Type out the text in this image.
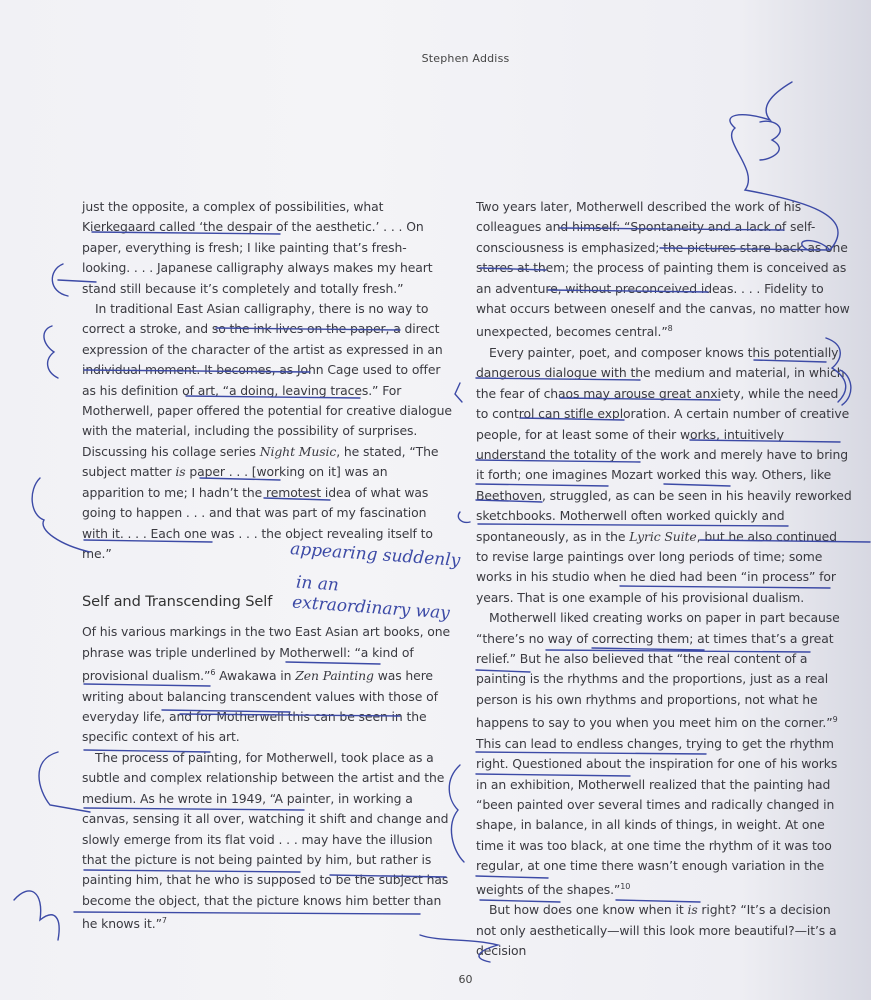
Stephen Addiss

just the opposite, a complex of possibilities, what Kierkegaard called ‘the despair of the aesthetic.’ . . . On paper, everything is fresh; I like painting that’s fresh-looking. . . . Japanese calligraphy always makes my heart stand still because it’s completely and totally fresh.”

In traditional East Asian calligraphy, there is no way to correct a stroke, and so the ink lives on the paper, a direct expression of the character of the artist as expressed in an individual moment. It becomes, as John Cage used to offer as his definition of art, “a doing, leaving traces.” For Motherwell, paper offered the potential for creative dialogue with the material, including the possibility of surprises. Discussing his collage series Night Music, he stated, “The subject matter is paper . . . [working on it] was an apparition to me; I hadn’t the remotest idea of what was going to happen . . . and that was part of my fascination with it. . . . Each one was . . . the object revealing itself to me.”

Self and Transcending Self

Of his various markings in the two East Asian art books, one phrase was triple underlined by Motherwell: “a kind of provisional dualism.”$^6$ Awakawa in Zen Painting was here writing about balancing transcendent values with those of everyday life, and for Motherwell this can be seen in the specific context of his art.

The process of painting, for Motherwell, took place as a subtle and complex relationship between the artist and the medium. As he wrote in 1949, “A painter, in working a canvas, sensing it all over, watching it shift and change and slowly emerge from its flat void . . . may have the illusion that the picture is not being painted by him, but rather is painting him, that he who is supposed to be the subject has become the object, that the picture knows him better than he knows it.”$^7$

Two years later, Motherwell described the work of his colleagues and himself: “Spontaneity and a lack of self-consciousness is emphasized; the pictures stare back as one stares at them; the process of painting them is conceived as an adventure, without preconceived ideas. . . . Fidelity to what occurs between oneself and the canvas, no matter how unexpected, becomes central.”$^8$

Every painter, poet, and composer knows this potentially dangerous dialogue with the medium and material, in which the fear of chaos may arouse great anxiety, while the need to control can stifle exploration. A certain number of creative people, for at least some of their works, intuitively understand the totality of the work and merely have to bring it forth; one imagines Mozart worked this way. Others, like Beethoven, struggled, as can be seen in his heavily reworked sketchbooks. Motherwell often worked quickly and spontaneously, as in the Lyric Suite, but he also continued to revise large paintings over long periods of time; some works in his studio when he died had been “in process” for years. That is one example of his provisional dualism.

Motherwell liked creating works on paper in part because “there’s no way of correcting them; at times that’s a great relief.” But he also believed that “the real content of a painting is the rhythms and the proportions, just as a real person is his own rhythms and proportions, not what he happens to say to you when you meet him on the corner.”$^9$ This can lead to endless changes, trying to get the rhythm right. Questioned about the inspiration for one of his works in an exhibition, Motherwell realized that the painting had “been painted over several times and radically changed in shape, in balance, in all kinds of things, in weight. At one time it was too black, at one time the rhythm of it was too regular, at one time there wasn’t enough variation in the weights of the shapes.”$^{10}$

But how does one know when it is right? “It’s a decision not only aesthetically—will this look more beautiful?—it’s a decision

60
appearing suddenly
in an
extraordinary way
